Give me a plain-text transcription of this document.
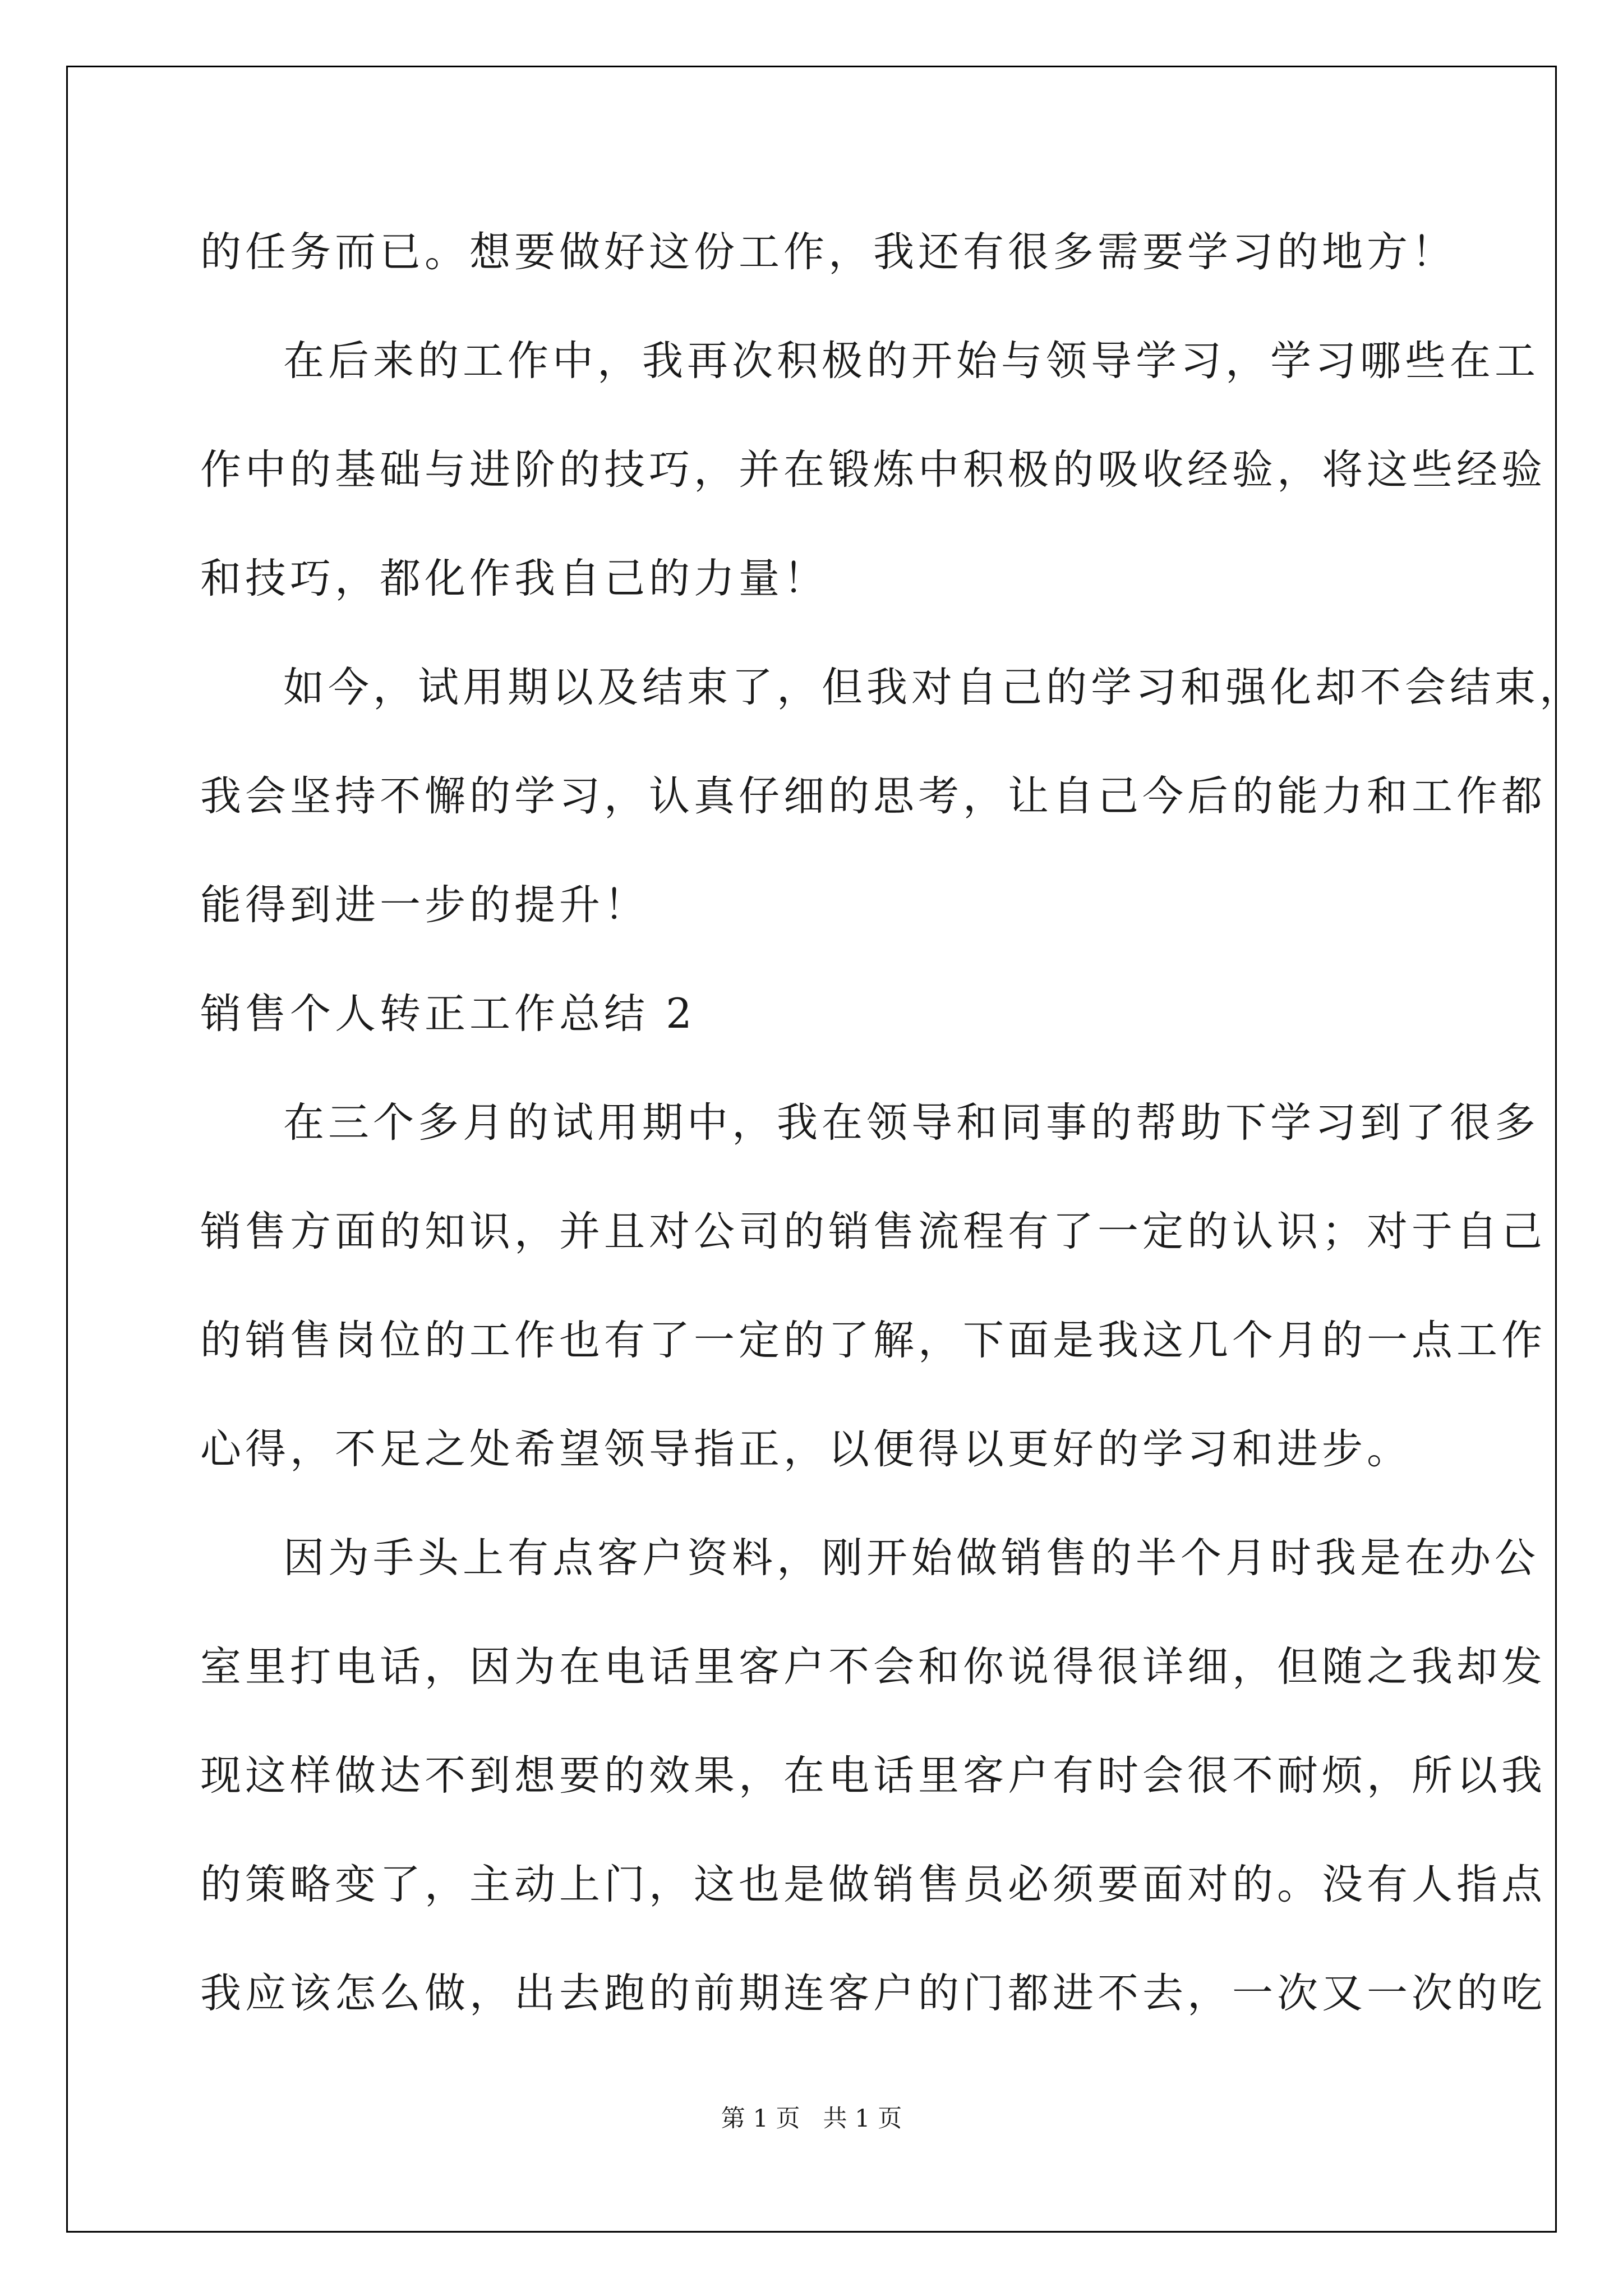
的任务而已。想要做好这份工作，我还有很多需要学习的地方！
在后来的工作中，我再次积极的开始与领导学习，学习哪些在工
作中的基础与进阶的技巧，并在锻炼中积极的吸收经验，将这些经验
和技巧，都化作我自己的力量！
如今，试用期以及结束了，但我对自己的学习和强化却不会结束，
我会坚持不懈的学习，认真仔细的思考，让自己今后的能力和工作都
能得到进一步的提升！
销售个人转正工作总结 2
在三个多月的试用期中，我在领导和同事的帮助下学习到了很多
销售方面的知识，并且对公司的销售流程有了一定的认识；对于自己
的销售岗位的工作也有了一定的了解，下面是我这几个月的一点工作
心得，不足之处希望领导指正，以便得以更好的学习和进步。
因为手头上有点客户资料，刚开始做销售的半个月时我是在办公
室里打电话，因为在电话里客户不会和你说得很详细，但随之我却发
现这样做达不到想要的效果，在电话里客户有时会很不耐烦，所以我
的策略变了，主动上门，这也是做销售员必须要面对的。没有人指点
我应该怎么做，出去跑的前期连客户的门都进不去，一次又一次的吃
第 1 页 共 1 页
